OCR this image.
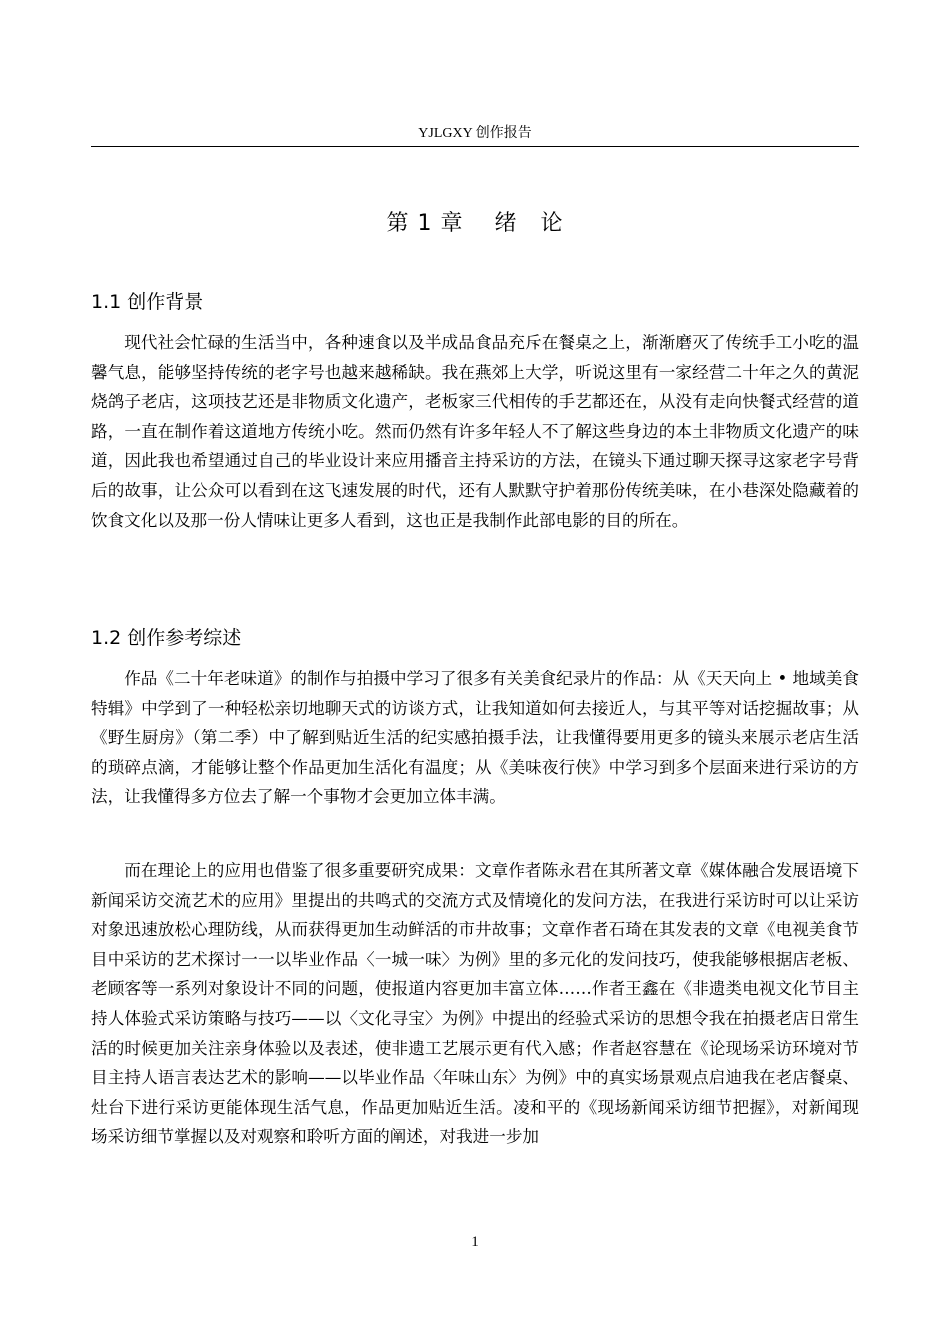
YJLGXY 创作报告
第 1 章　 绪　论
1.1 创作背景

现代社会忙碌的生活当中，各种速食以及半成品食品充斥在餐桌之上，渐渐磨灭了传统手工小吃的温馨气息，能够坚持传统的老字号也越来越稀缺。我在燕郊上大学，听说这里有一家经营二十年之久的黄泥烧鸽子老店，这项技艺还是非物质文化遗产，老板家三代相传的手艺都还在，从没有走向快餐式经营的道路，一直在制作着这道地方传统小吃。然而仍然有许多年轻人不了解这些身边的本土非物质文化遗产的味道，因此我也希望通过自己的毕业设计来应用播音主持采访的方法，在镜头下通过聊天探寻这家老字号背后的故事，让公众可以看到在这飞速发展的时代，还有人默默守护着那份传统美味，在小巷深处隐藏着的饮食文化以及那一份人情味让更多人看到，这也正是我制作此部电影的目的所在。

1.2 创作参考综述

作品《二十年老味道》的制作与拍摄中学习了很多有关美食纪录片的作品：从《天天向上 • 地域美食特辑》中学到了一种轻松亲切地聊天式的访谈方式，让我知道如何去接近人，与其平等对话挖掘故事；从《野生厨房》（第二季）中了解到贴近生活的纪实感拍摄手法，让我懂得要用更多的镜头来展示老店生活的琐碎点滴，才能够让整个作品更加生活化有温度；从《美味夜行侠》中学习到多个层面来进行采访的方法，让我懂得多方位去了解一个事物才会更加立体丰满。

而在理论上的应用也借鉴了很多重要研究成果：文章作者陈永君在其所著文章《媒体融合发展语境下新闻采访交流艺术的应用》里提出的共鸣式的交流方式及情境化的发问方法，在我进行采访时可以让采访对象迅速放松心理防线，从而获得更加生动鲜活的市井故事；文章作者石琦在其发表的文章《电视美食节目中采访的艺术探讨一一以毕业作品〈一城一味〉为例》里的多元化的发问技巧，使我能够根据店老板、老顾客等一系列对象设计不同的问题，使报道内容更加丰富立体……作者王鑫在《非遗类电视文化节目主持人体验式采访策略与技巧——以〈文化寻宝〉为例》中提出的经验式采访的思想令我在拍摄老店日常生活的时候更加关注亲身体验以及表述，使非遗工艺展示更有代入感；作者赵容慧在《论现场采访环境对节目主持人语言表达艺术的影响——以毕业作品〈年味山东〉为例》中的真实场景观点启迪我在老店餐桌、灶台下进行采访更能体现生活气息，作品更加贴近生活。凌和平的《现场新闻采访细节把握》，对新闻现场采访细节掌握以及对观察和聆听方面的阐述，对我进一步加

1
